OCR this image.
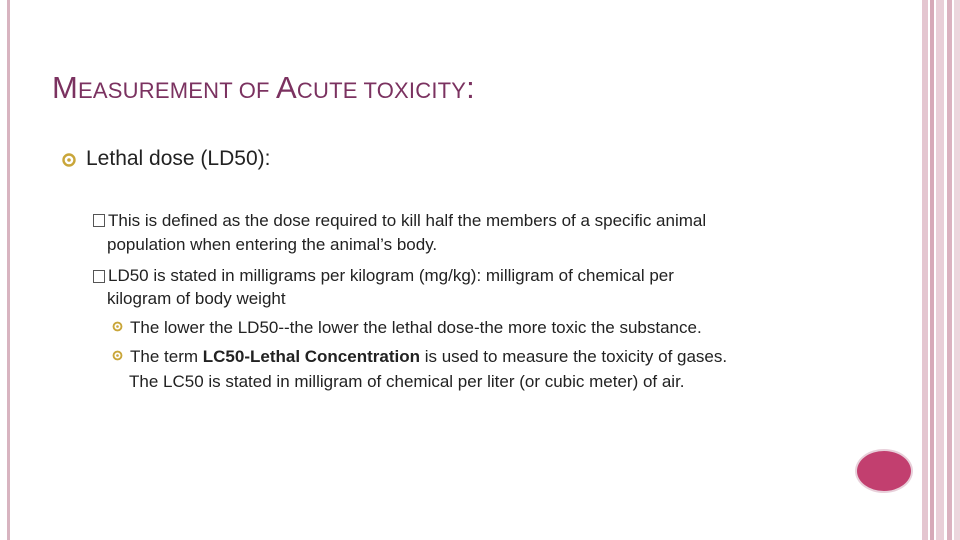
MEASUREMENT OF ACUTE TOXICITY:
Lethal dose (LD50):
This is defined as the dose required to kill half the members of a specific animal
population when entering the animal’s body.
LD50 is stated in milligrams per kilogram (mg/kg): milligram of chemical per
kilogram of body weight
The lower the LD50--the lower the lethal dose-the more toxic the substance.
The term LC50-Lethal Concentration is used to measure the toxicity of gases.
The LC50 is stated in milligram of chemical per liter (or cubic meter) of air.
